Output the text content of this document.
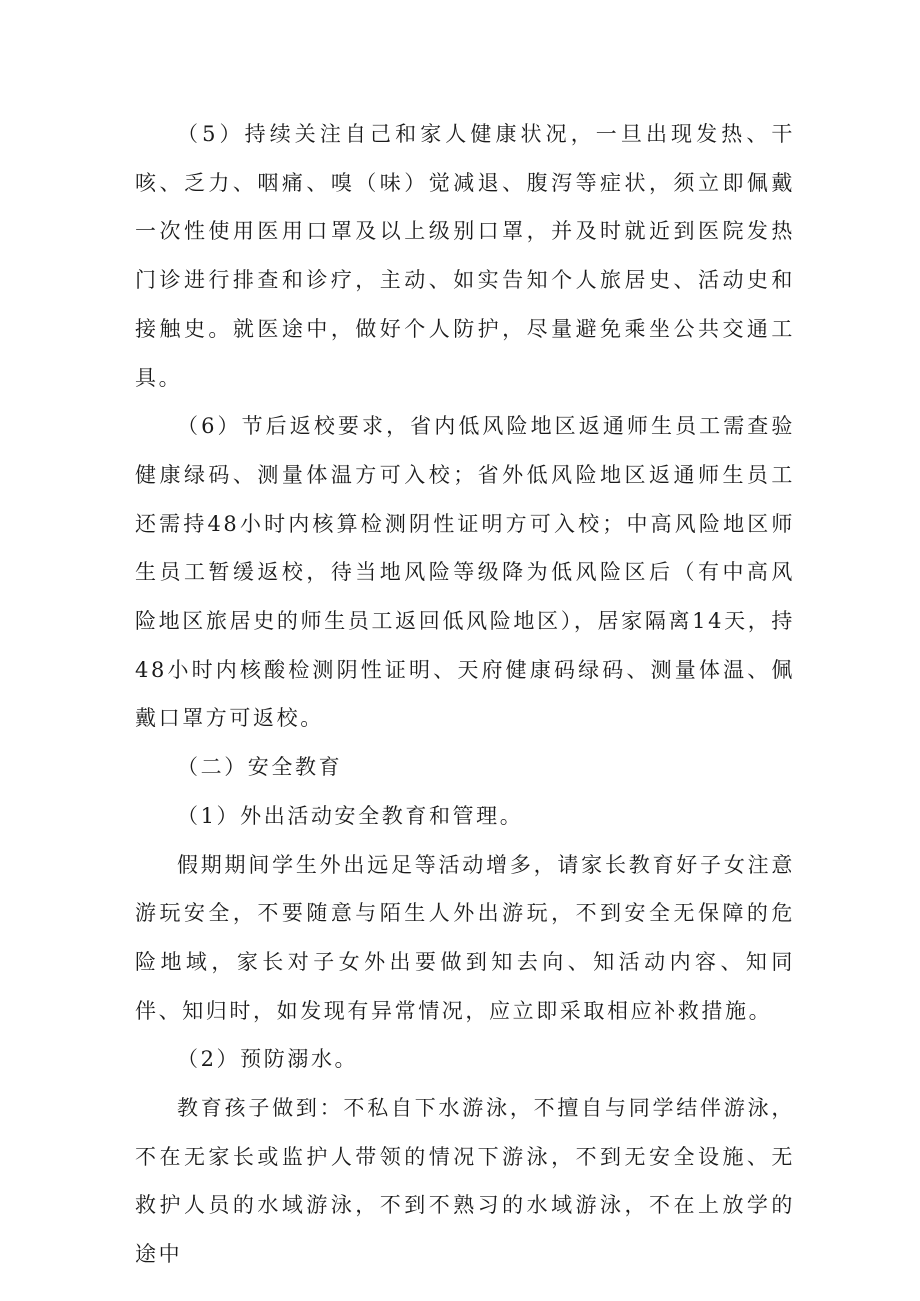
（5）持续关注自己和家人健康状况，一旦出现发热、干咳、乏力、咽痛、嗅（味）觉减退、腹泻等症状，须立即佩戴一次性使用医用口罩及以上级别口罩，并及时就近到医院发热门诊进行排查和诊疗，主动、如实告知个人旅居史、活动史和接触史。就医途中，做好个人防护，尽量避免乘坐公共交通工具。

（6）节后返校要求，省内低风险地区返通师生员工需查验健康绿码、测量体温方可入校；省外低风险地区返通师生员工还需持48小时内核算检测阴性证明方可入校；中高风险地区师生员工暂缓返校，待当地风险等级降为低风险区后（有中高风险地区旅居史的师生员工返回低风险地区），居家隔离14天，持48小时内核酸检测阴性证明、天府健康码绿码、测量体温、佩戴口罩方可返校。

（二）安全教育

（1）外出活动安全教育和管理。

假期期间学生外出远足等活动增多，请家长教育好子女注意游玩安全，不要随意与陌生人外出游玩，不到安全无保障的危险地域，家长对子女外出要做到知去向、知活动内容、知同伴、知归时，如发现有异常情况，应立即采取相应补救措施。

（2）预防溺水。

教育孩子做到：不私自下水游泳，不擅自与同学结伴游泳，不在无家长或监护人带领的情况下游泳，不到无安全设施、无救护人员的水域游泳，不到不熟习的水域游泳，不在上放学的途中
